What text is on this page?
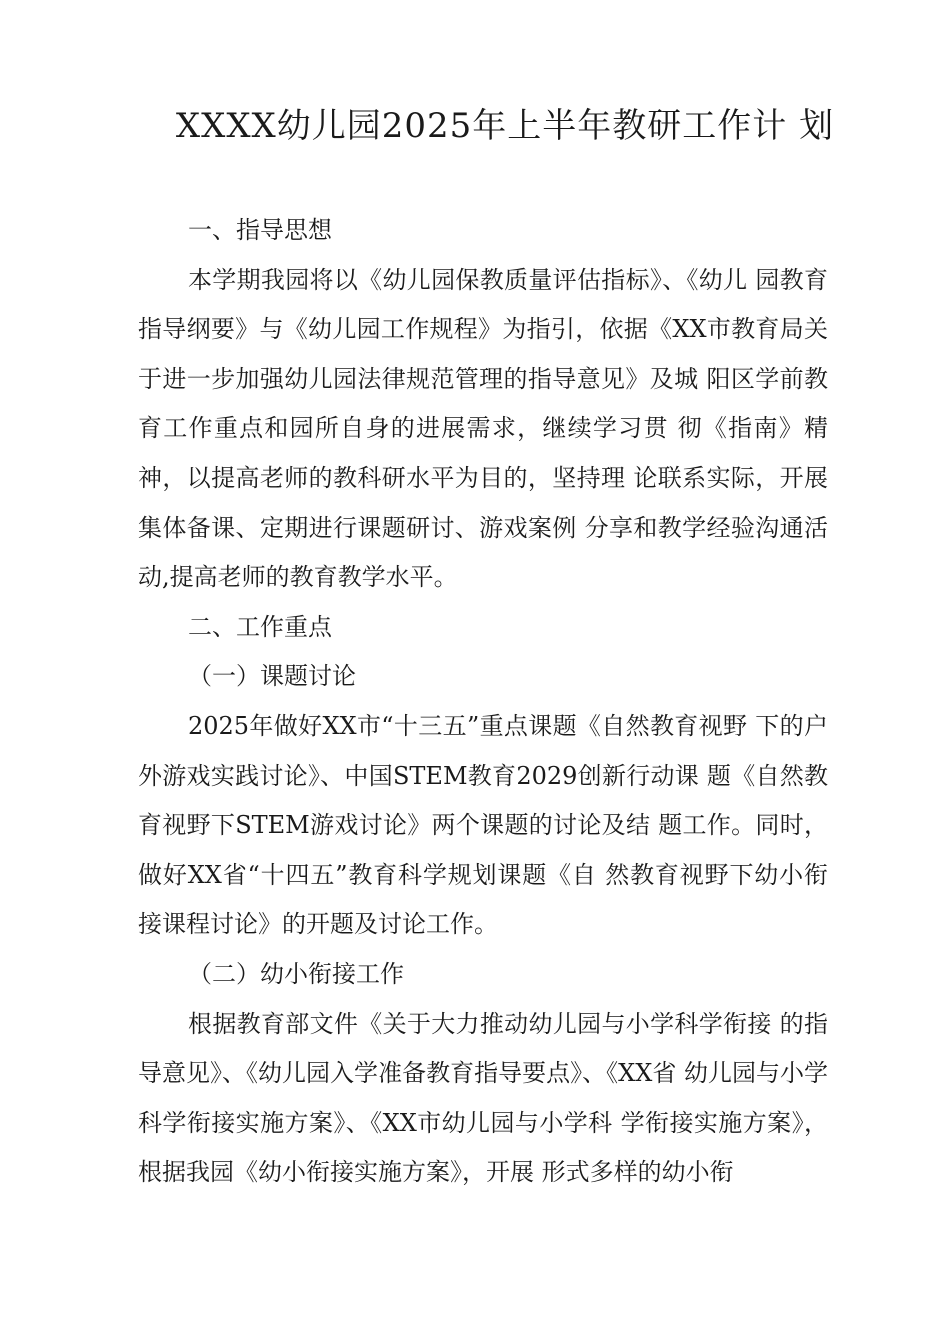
XXXX幼儿园2025年上半年教研工作计 划

一、指导思想

本学期我园将以《幼儿园保教质量评估指标》、《幼儿 园教育指导纲要》与《幼儿园工作规程》为指引，依据《XX市教育局关于进一步加强幼儿园法律规范管理的指导意见》及城 阳区学前教育工作重点和园所自身的进展需求，继续学习贯 彻《指南》精神，以提高老师的教科研水平为目的，坚持理 论联系实际，开展集体备课、定期进行课题研讨、游戏案例 分享和教学经验沟通活动,提高老师的教育教学水平。

二、工作重点

（一）课题讨论

2025年做好XX市“十三五”重点课题《自然教育视野 下的户外游戏实践讨论》、中国STEM教育2029创新行动课 题《自然教育视野下STEM游戏讨论》两个课题的讨论及结 题工作。同时，做好XX省“十四五”教育科学规划课题《自 然教育视野下幼小衔接课程讨论》的开题及讨论工作。

（二）幼小衔接工作

根据教育部文件《关于大力推动幼儿园与小学科学衔接 的指导意见》、《幼儿园入学准备教育指导要点》、《XX省 幼儿园与小学科学衔接实施方案》、《XX市幼儿园与小学科 学衔接实施方案》，根据我园《幼小衔接实施方案》，开展 形式多样的幼小衔
